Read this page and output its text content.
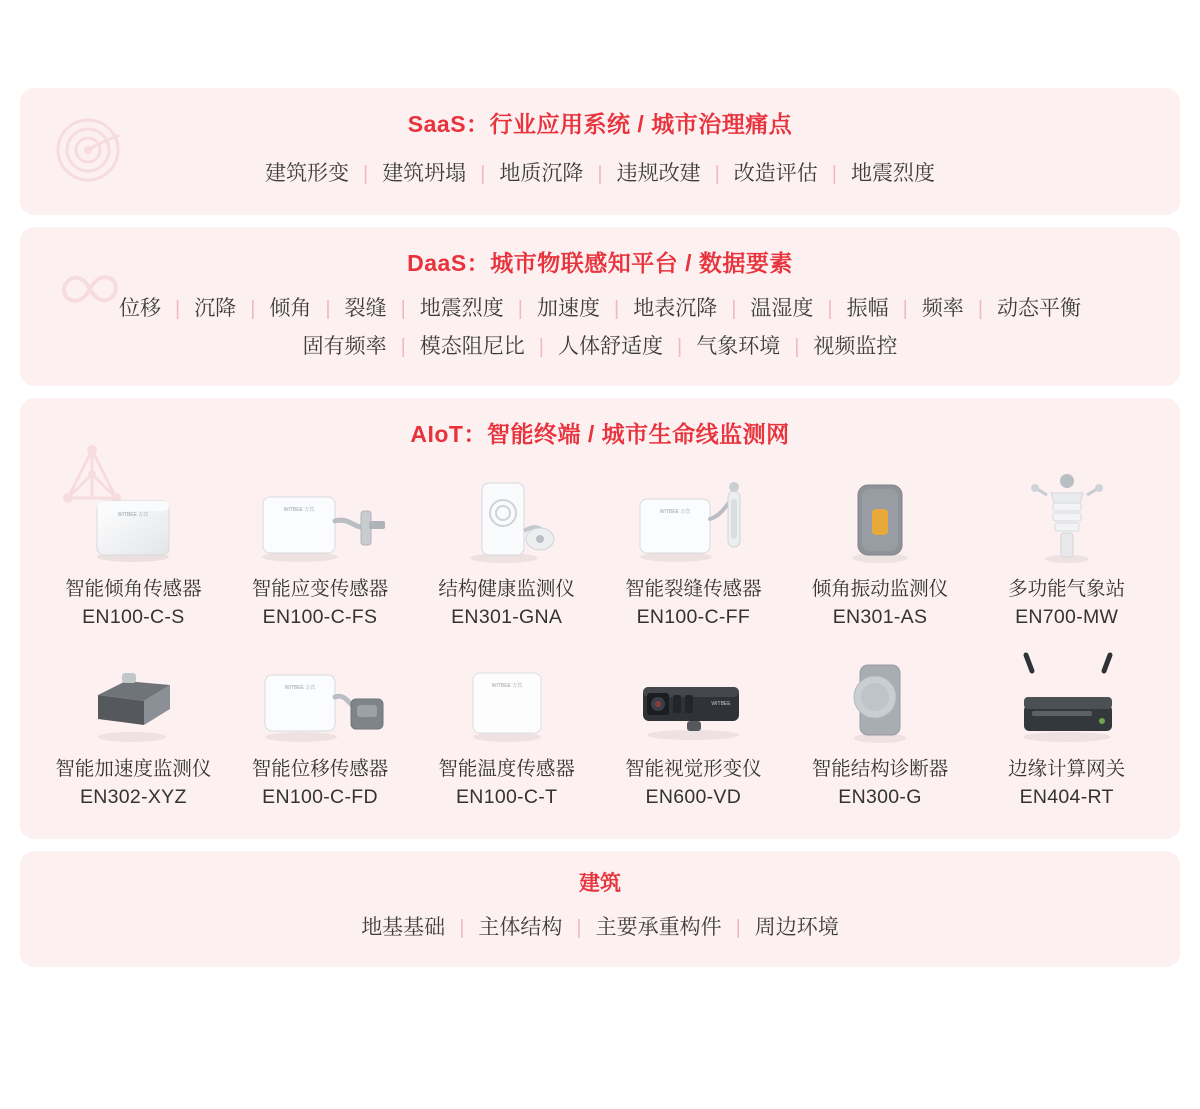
SaaS：行业应用系统 / 城市治理痛点
建筑形变 | 建筑坍塌 | 地质沉降 | 违规改建 | 改造评估 | 地震烈度
DaaS：城市物联感知平台 / 数据要素
位移 | 沉降 | 倾角 | 裂缝 | 地震烈度 | 加速度 | 地表沉降 | 温湿度 | 振幅 | 频率 | 动态平衡
固有频率 | 模态阻尼比 | 人体舒适度 | 气象环境 | 视频监控
AIoT：智能终端 / 城市生命线监测网
WITBEE 万宾
智能倾角传感器
EN100-C-S
WITBEE 万宾
智能应变传感器
EN100-C-FS
结构健康监测仪
EN301-GNA
WITBEE 万宾
智能裂缝传感器
EN100-C-FF
倾角振动监测仪
EN301-AS
多功能气象站
EN700-MW
智能加速度监测仪
EN302-XYZ
WITBEE 万宾
智能位移传感器
EN100-C-FD
WITBEE 万宾
智能温度传感器
EN100-C-T
WITBEE
智能视觉形变仪
EN600-VD
智能结构诊断器
EN300-G
边缘计算网关
EN404-RT
建筑
地基基础 | 主体结构 | 主要承重构件 | 周边环境
